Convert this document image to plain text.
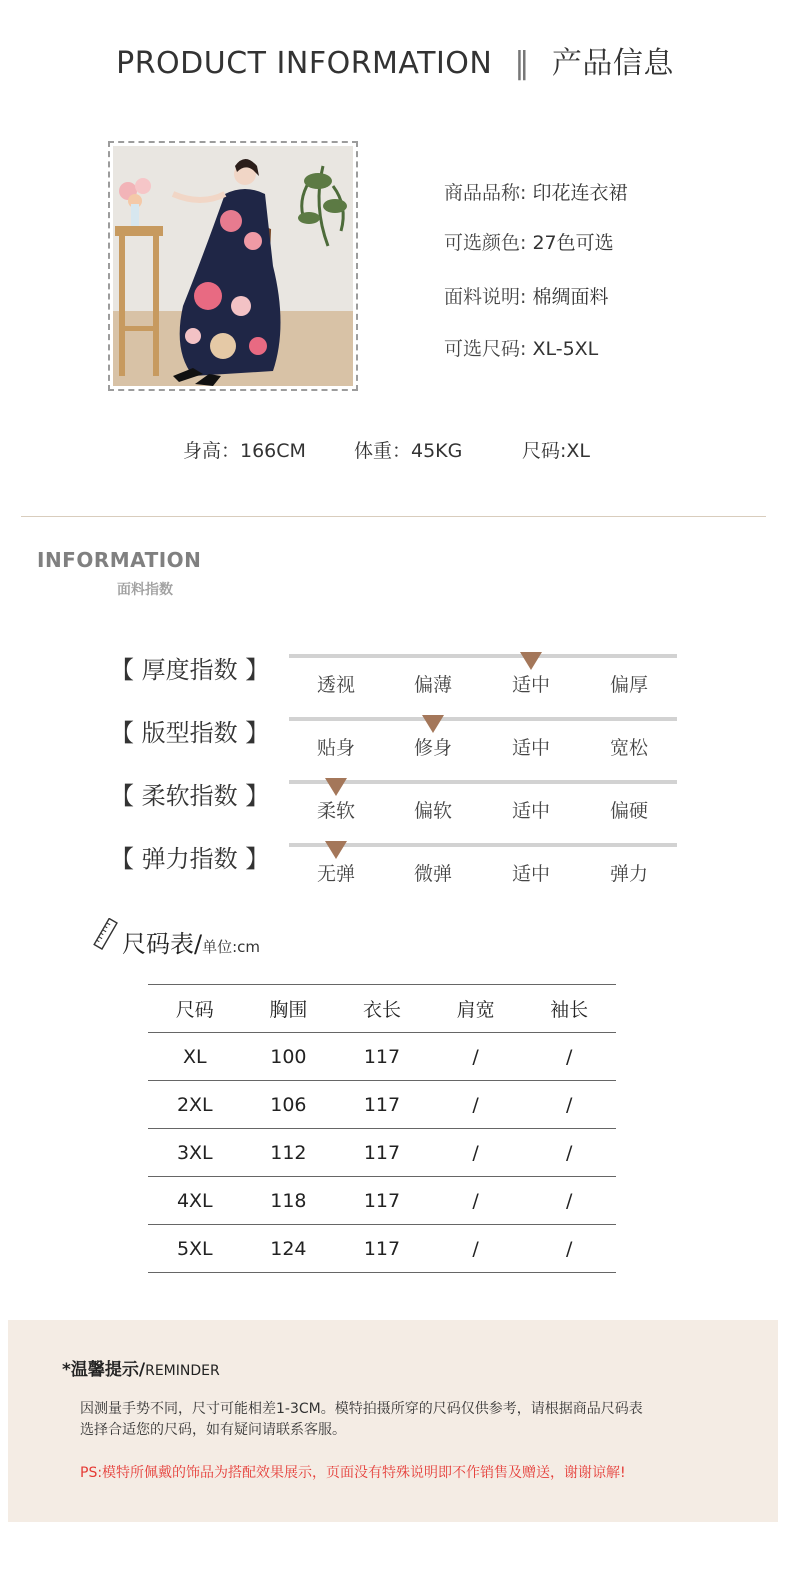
PRODUCT INFORMATION ‖ 产品信息
商品品称: 印花连衣裙
可选颜色: 27色可选
面料说明: 棉绸面料
可选尺码: XL-5XL
身高：166CM	体重：45KG	尺码:XL
INFORMATION
面料指数
【 厚度指数 】
透视	偏薄	适中	偏厚
【 版型指数 】
贴身	修身	适中	宽松
【 柔软指数 】
柔软	偏软	适中	偏硬
【 弹力指数 】
无弹	微弹	适中	弹力
尺码表/单位:cm
尺码	胸围	衣长	肩宽	袖长
XL	100	117	/	/
2XL	106	117	/	/
3XL	112	117	/	/
4XL	118	117	/	/
5XL	124	117	/	/
*温馨提示/REMINDER
因测量手势不同，尺寸可能相差1-3CM。模特拍摄所穿的尺码仅供参考，请根据商品尺码表
选择合适您的尺码，如有疑问请联系客服。
PS:模特所佩戴的饰品为搭配效果展示，页面没有特殊说明即不作销售及赠送，谢谢谅解!
